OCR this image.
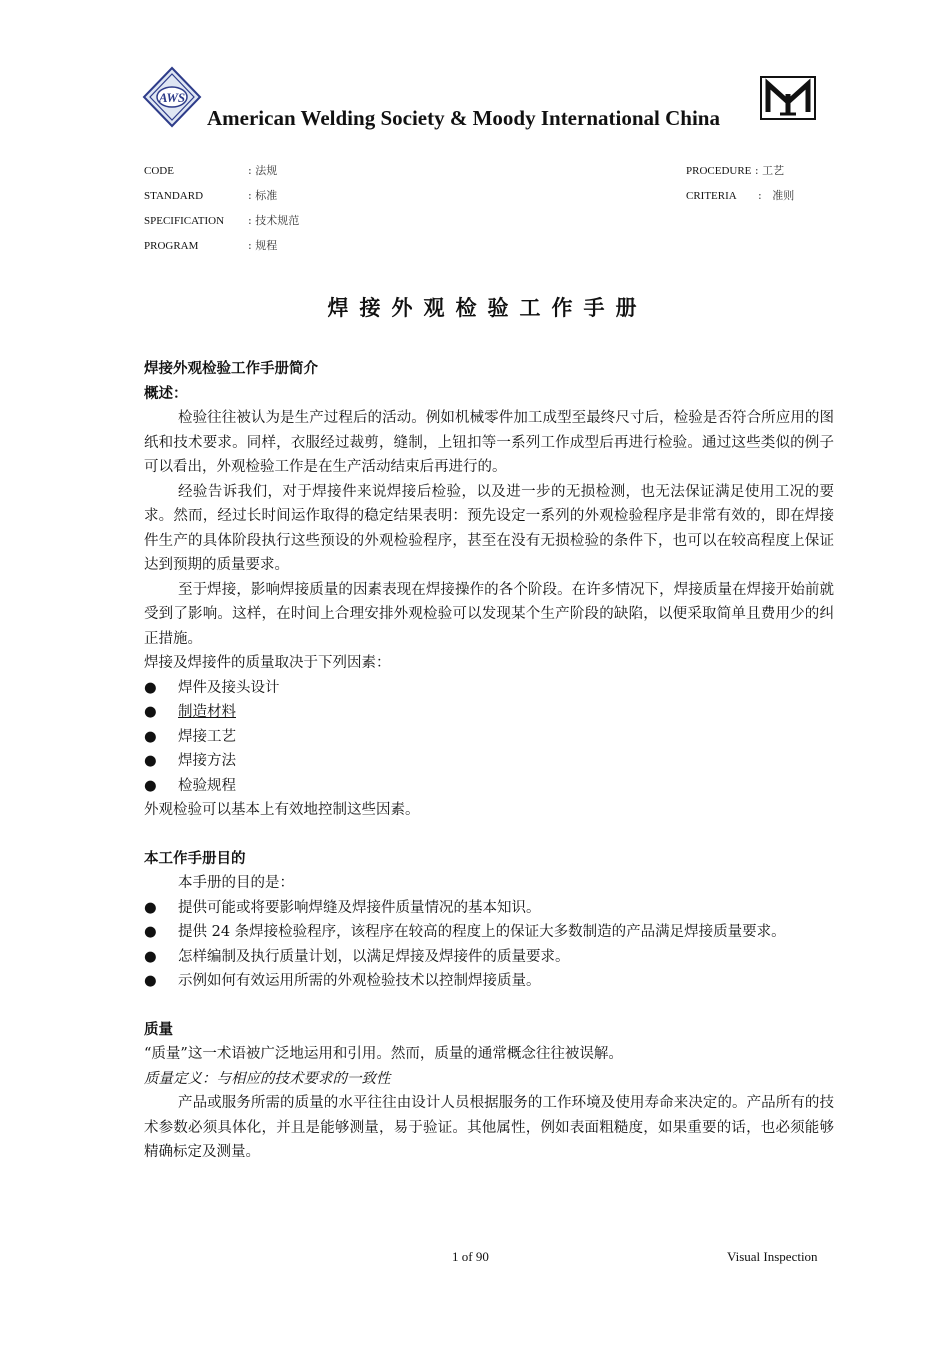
AWS
American Welding Society & Moody International China
CODE	: 法规
STANDARD	: 标准
SPECIFICATION : 技术规范
PROGRAM	: 规程
PROCEDURE : 工艺
CRITERIA : 准则
焊接外观检验工作手册

焊接外观检验工作手册简介

概述：

检验往往被认为是生产过程后的活动。例如机械零件加工成型至最终尺寸后，检验是否符合所应用的图纸和技术要求。同样，衣服经过裁剪，缝制，上钮扣等一系列工作成型后再进行检验。通过这些类似的例子可以看出，外观检验工作是在生产活动结束后再进行的。

经验告诉我们，对于焊接件来说焊接后检验，以及进一步的无损检测，也无法保证满足使用工况的要求。然而，经过长时间运作取得的稳定结果表明：预先设定一系列的外观检验程序是非常有效的，即在焊接件生产的具体阶段执行这些预设的外观检验程序，甚至在没有无损检验的条件下，也可以在较高程度上保证达到预期的质量要求。

至于焊接，影响焊接质量的因素表现在焊接操作的各个阶段。在许多情况下，焊接质量在焊接开始前就受到了影响。这样，在时间上合理安排外观检验可以发现某个生产阶段的缺陷，以便采取简单且费用少的纠正措施。

焊接及焊接件的质量取决于下列因素：

● 焊件及接头设计

● 制造材料

● 焊接工艺

● 焊接方法

● 检验规程

外观检验可以基本上有效地控制这些因素。

本工作手册目的

本手册的目的是：

● 提供可能或将要影响焊缝及焊接件质量情况的基本知识。

● 提供 24 条焊接检验程序，该程序在较高的程度上的保证大多数制造的产品满足焊接质量要求。

● 怎样编制及执行质量计划，以满足焊接及焊接件的质量要求。

● 示例如何有效运用所需的外观检验技术以控制焊接质量。

质量

“质量”这一术语被广泛地运用和引用。然而，质量的通常概念往往被误解。

质量定义：与相应的技术要求的一致性

产品或服务所需的质量的水平往往由设计人员根据服务的工作环境及使用寿命来决定的。产品所有的技术参数必须具体化，并且是能够测量，易于验证。其他属性，例如表面粗糙度，如果重要的话，也必须能够精确标定及测量。

1 of 90	Visual Inspection
